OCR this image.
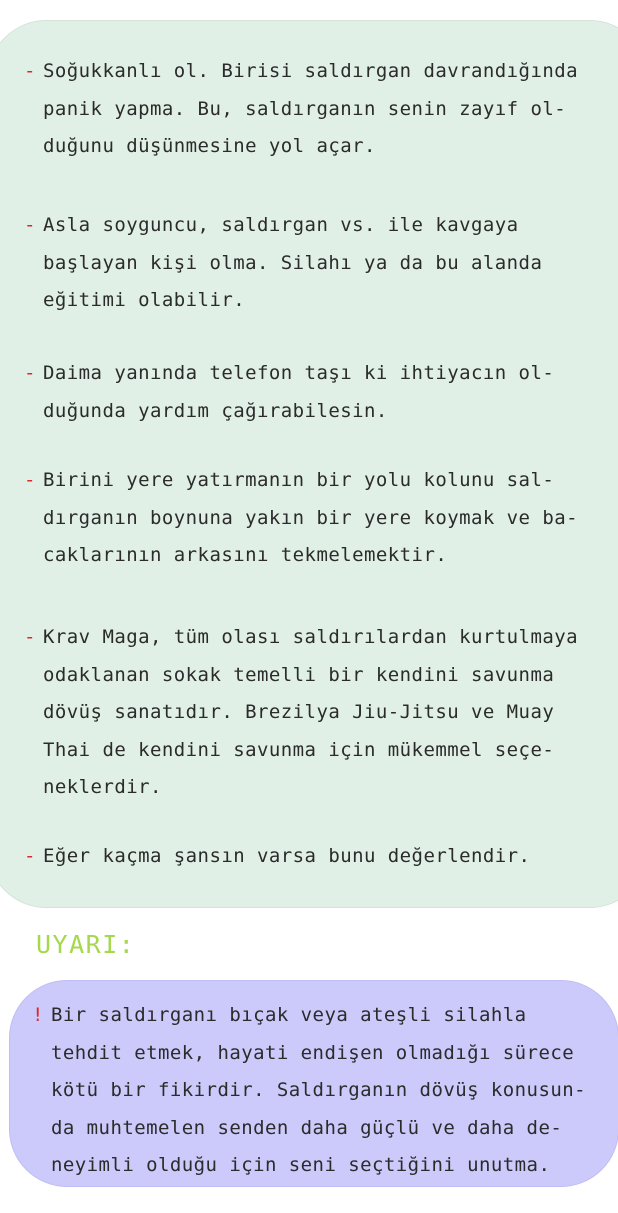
- Soğukkanlı ol. Birisi saldırgan davrandığında
panik yapma. Bu, saldırganın senin zayıf ol-
duğunu düşünmesine yol açar.
- Asla soyguncu, saldırgan vs. ile kavgaya
başlayan kişi olma. Silahı ya da bu alanda
eğitimi olabilir.
- Daima yanında telefon taşı ki ihtiyacın ol-
duğunda yardım çağırabilesin.
- Birini yere yatırmanın bir yolu kolunu sal-
dırganın boynuna yakın bir yere koymak ve ba-
caklarının arkasını tekmelemektir.
- Krav Maga, tüm olası saldırılardan kurtulmaya
odaklanan sokak temelli bir kendini savunma
dövüş sanatıdır. Brezilya Jiu-Jitsu ve Muay
Thai de kendini savunma için mükemmel seçe-
neklerdir.
- Eğer kaçma şansın varsa bunu değerlendir.
UYARI:
! Bir saldırganı bıçak veya ateşli silahla
tehdit etmek, hayati endişen olmadığı sürece
kötü bir fikirdir. Saldırganın dövüş konusun-
da muhtemelen senden daha güçlü ve daha de-
neyimli olduğu için seni seçtiğini unutma.
